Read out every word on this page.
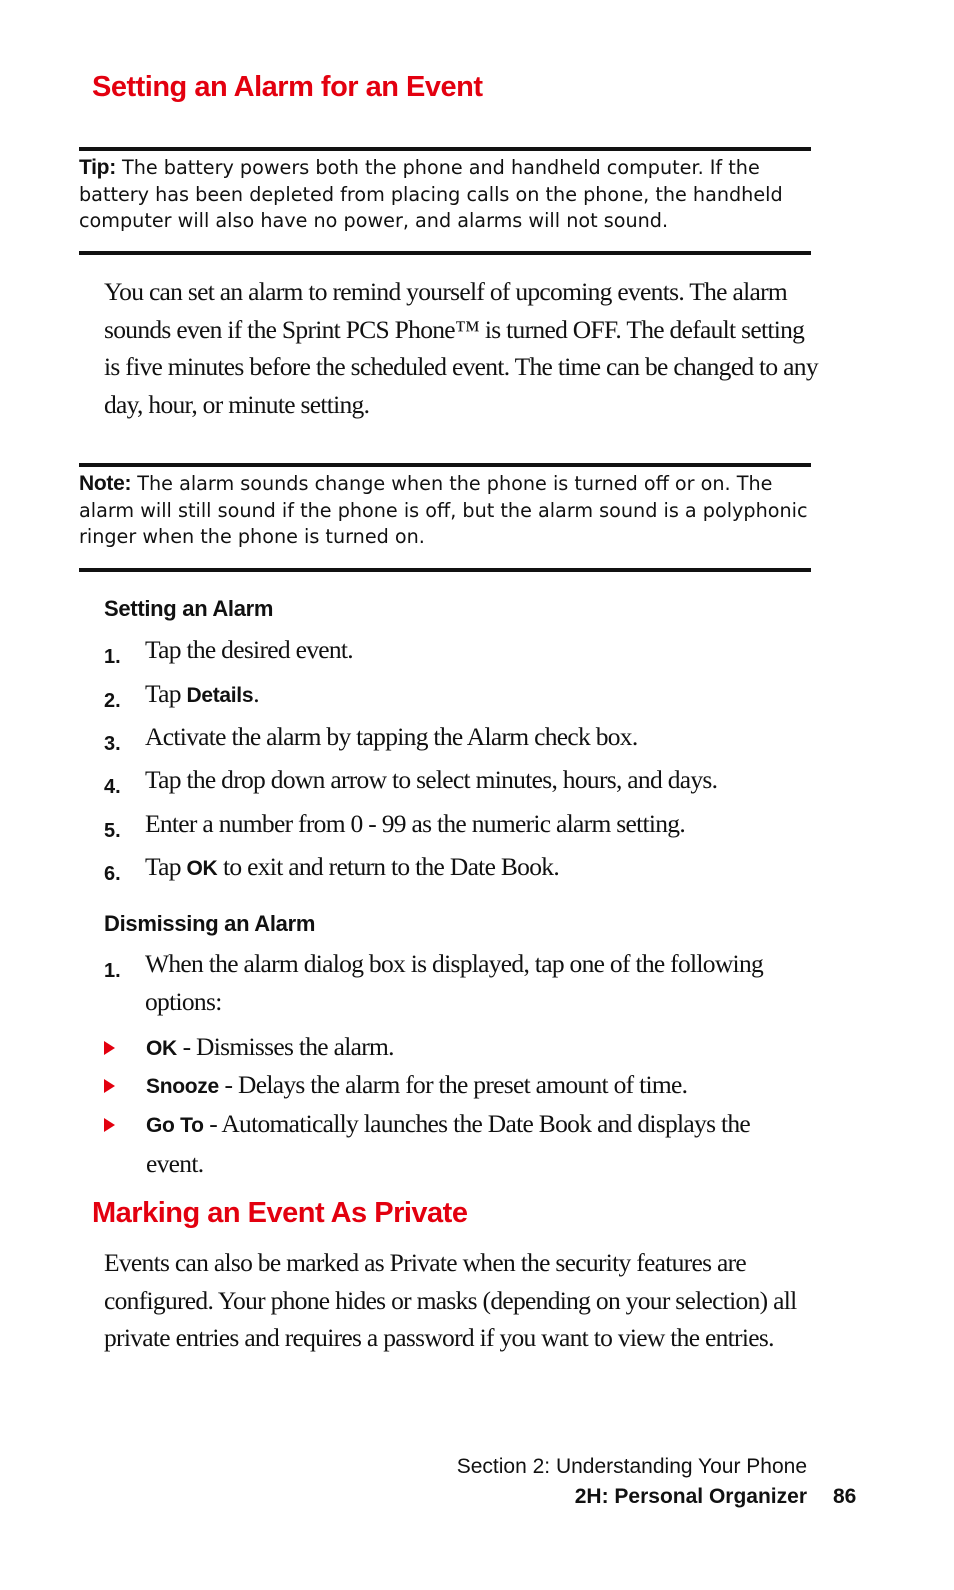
Setting an Alarm for an Event
Tip: The battery powers both the phone and handheld computer. If the battery has been depleted from placing calls on the phone, the handheld computer will also have no power, and alarms will not sound.
You can set an alarm to remind yourself of upcoming events. The alarm sounds even if the Sprint PCS Phone™ is turned OFF. The default setting is five minutes before the scheduled event. The time can be changed to any day, hour, or minute setting.
Note: The alarm sounds change when the phone is turned off or on. The alarm will still sound if the phone is off, but the alarm sound is a polyphonic ringer when the phone is turned on.
Setting an Alarm
1. Tap the desired event.
2. Tap Details.
3. Activate the alarm by tapping the Alarm check box.
4. Tap the drop down arrow to select minutes, hours, and days.
5. Enter a number from 0 - 99 as the numeric alarm setting.
6. Tap OK to exit and return to the Date Book.
Dismissing an Alarm
1. When the alarm dialog box is displayed, tap one of the following options:
OK - Dismisses the alarm.
Snooze - Delays the alarm for the preset amount of time.
Go To - Automatically launches the Date Book and displays the event.
Marking an Event As Private
Events can also be marked as Private when the security features are configured. Your phone hides or masks (depending on your selection) all private entries and requires a password if you want to view the entries.
Section 2: Understanding Your Phone
2H: Personal Organizer 86
